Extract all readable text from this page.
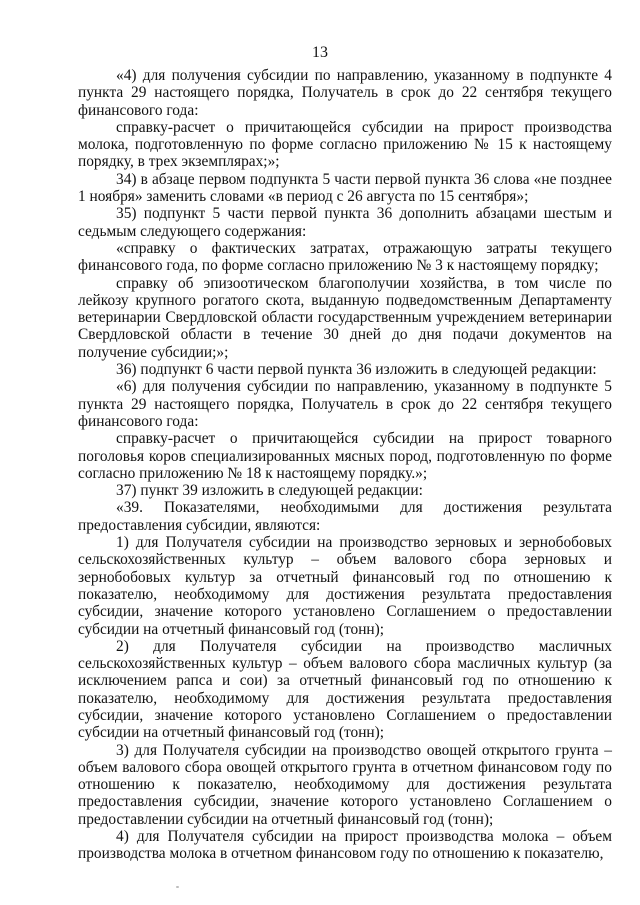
13

«4) для получения субсидии по направлению, указанному в подпункте 4 пункта 29 настоящего порядка, Получатель в срок до 22 сентября текущего финансового года:

справку-расчет о причитающейся субсидии на прирост производства молока, подготовленную по форме согласно приложению № 15 к настоящему порядку, в трех экземплярах;»;

34) в абзаце первом подпункта 5 части первой пункта 36 слова «не позднее 1 ноября» заменить словами «в период с 26 августа по 15 сентября»;

35) подпункт 5 части первой пункта 36 дополнить абзацами шестым и седьмым следующего содержания:

«справку о фактических затратах, отражающую затраты текущего финансового года, по форме согласно приложению № 3 к настоящему порядку;

справку об эпизоотическом благополучии хозяйства, в том числе по лейкозу крупного рогатого скота, выданную подведомственным Департаменту ветеринарии Свердловской области государственным учреждением ветеринарии Свердловской области в течение 30 дней до дня подачи документов на получение субсидии;»;

36) подпункт 6 части первой пункта 36 изложить в следующей редакции:

«6) для получения субсидии по направлению, указанному в подпункте 5 пункта 29 настоящего порядка, Получатель в срок до 22 сентября текущего финансового года:

справку-расчет о причитающейся субсидии на прирост товарного поголовья коров специализированных мясных пород, подготовленную по форме согласно приложению № 18 к настоящему порядку.»;

37) пункт 39 изложить в следующей редакции:

«39. Показателями, необходимыми для достижения результата предоставления субсидии, являются:

1) для Получателя субсидии на производство зерновых и зернобобовых сельскохозяйственных культур – объем валового сбора зерновых и зернобобовых культур за отчетный финансовый год по отношению к показателю, необходимому для достижения результата предоставления субсидии, значение которого установлено Соглашением о предоставлении субсидии на отчетный финансовый год (тонн);

2) для Получателя субсидии на производство масличных сельскохозяйственных культур – объем валового сбора масличных культур (за исключением рапса и сои) за отчетный финансовый год по отношению к показателю, необходимому для достижения результата предоставления субсидии, значение которого установлено Соглашением о предоставлении субсидии на отчетный финансовый год (тонн);

3) для Получателя субсидии на производство овощей открытого грунта – объем валового сбора овощей открытого грунта в отчетном финансовом году по отношению к показателю, необходимому для достижения результата предоставления субсидии, значение которого установлено Соглашением о предоставлении субсидии на отчетный финансовый год (тонн);

4) для Получателя субсидии на прирост производства молока – объем производства молока в отчетном финансовом году по отношению к показателю,
